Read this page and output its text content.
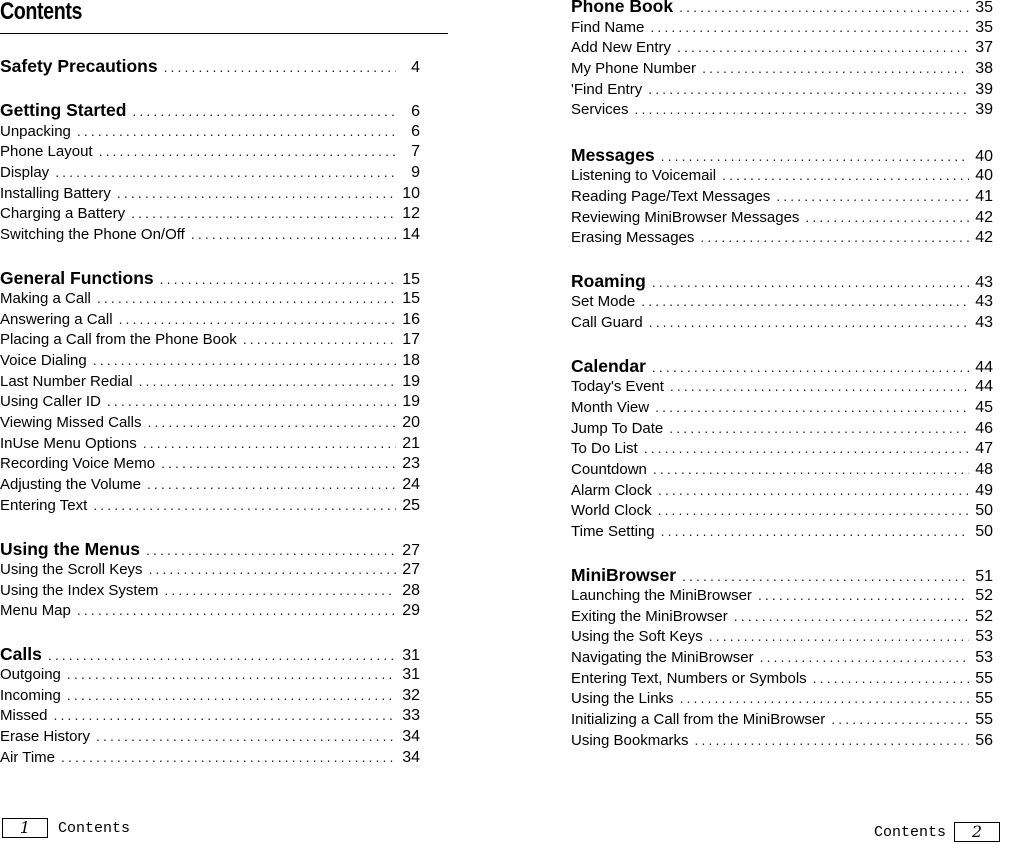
Contents
Safety Precautions .....	4
Getting Started .....	6
Unpacking .....	6
Phone Layout .....	7
Display .....	9
Installing Battery .....	10
Charging a Battery .....	12
Switching the Phone On/Off .....	14
General Functions .....	15
Making a Call .....	15
Answering a Call .....	16
Placing a Call from the Phone Book .....	17
Voice Dialing .....	18
Last Number Redial .....	19
Using Caller ID .....	19
Viewing Missed Calls .....	20
InUse Menu Options .....	21
Recording Voice Memo .....	23
Adjusting the Volume .....	24
Entering Text .....	25
Using the Menus .....	27
Using the Scroll Keys .....	27
Using the Index System .....	28
Menu Map .....	29
Calls .....	31
Outgoing .....	31
Incoming .....	32
Missed .....	33
Erase History .....	34
Air Time .....	34
Phone Book .....	35
Find Name .....	35
Add New Entry .....	37
My Phone Number .....	38
'Find Entry .....	39
Services .....	39
Messages .....	40
Listening to Voicemail .....	40
Reading Page/Text Messages .....	41
Reviewing MiniBrowser Messages .....	42
Erasing Messages .....	42
Roaming .....	43
Set Mode .....	43
Call Guard .....	43
Calendar .....	44
Today's Event .....	44
Month View .....	45
Jump To Date .....	46
To Do List .....	47
Countdown .....	48
Alarm Clock .....	49
World Clock .....	50
Time Setting .....	50
MiniBrowser .....	51
Launching the MiniBrowser .....	52
Exiting the MiniBrowser .....	52
Using the Soft Keys .....	53
Navigating the MiniBrowser .....	53
Entering Text, Numbers or Symbols .....	55
Using the Links .....	55
Initializing a Call from the MiniBrowser .....	55
Using Bookmarks .....	56
1	Contents	Contents	2
